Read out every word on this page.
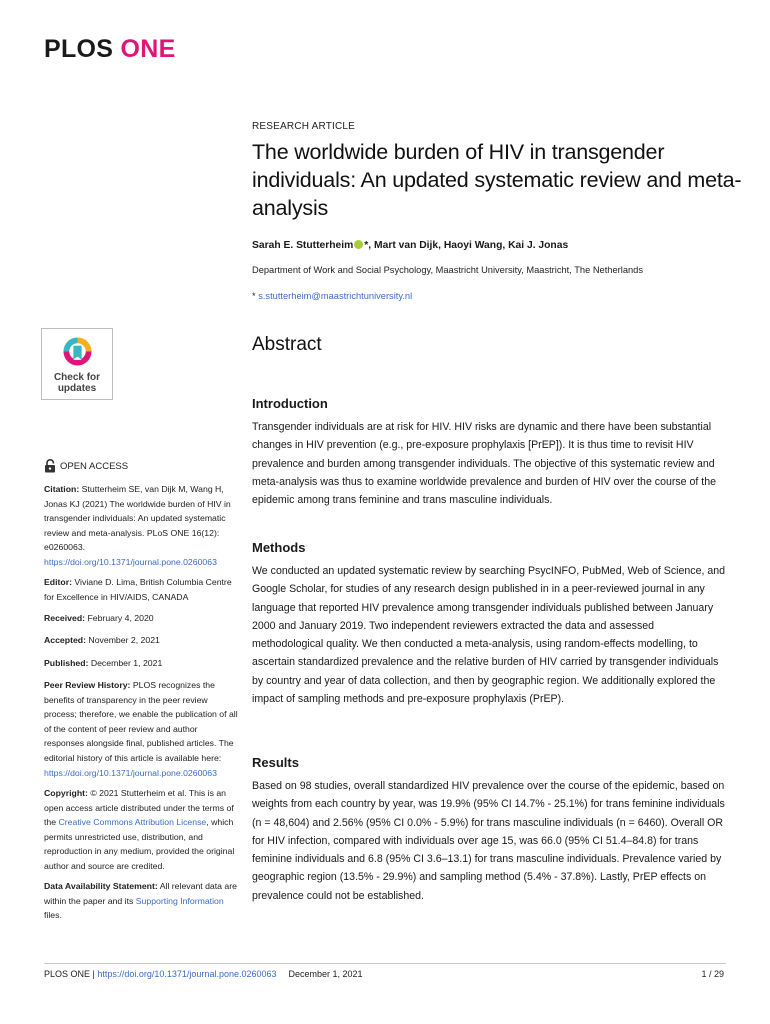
PLOS ONE
RESEARCH ARTICLE
The worldwide burden of HIV in transgender individuals: An updated systematic review and meta-analysis
Sarah E. Stutterheim *, Mart van Dijk, Haoyi Wang, Kai J. Jonas
Department of Work and Social Psychology, Maastricht University, Maastricht, The Netherlands
* s.stutterheim@maastrichtuniversity.nl
Check for
updates
Abstract
Introduction

Transgender individuals are at risk for HIV. HIV risks are dynamic and there have been substantial changes in HIV prevention (e.g., pre-exposure prophylaxis [PrEP]). It is thus time to revisit HIV prevalence and burden among transgender individuals. The objective of this systematic review and meta-analysis was thus to examine worldwide prevalence and burden of HIV over the course of the epidemic among trans feminine and trans masculine individuals.

Methods

We conducted an updated systematic review by searching PsycINFO, PubMed, Web of Science, and Google Scholar, for studies of any research design published in in a peer-reviewed journal in any language that reported HIV prevalence among transgender individuals published between January 2000 and January 2019. Two independent reviewers extracted the data and assessed methodological quality. We then conducted a meta-analysis, using random-effects modelling, to ascertain standardized prevalence and the relative burden of HIV carried by transgender individuals by country and year of data collection, and then by geographic region. We additionally explored the impact of sampling methods and pre-exposure prophylaxis (PrEP).

Results

Based on 98 studies, overall standardized HIV prevalence over the course of the epidemic, based on weights from each country by year, was 19.9% (95% CI 14.7% - 25.1%) for trans feminine individuals (n = 48,604) and 2.56% (95% CI 0.0% - 5.9%) for trans masculine individuals (n = 6460). Overall OR for HIV infection, compared with individuals over age 15, was 66.0 (95% CI 51.4–84.8) for trans feminine individuals and 6.8 (95% CI 3.6–13.1) for trans masculine individuals. Prevalence varied by geographic region (13.5% - 29.9%) and sampling method (5.4% - 37.8%). Lastly, PrEP effects on prevalence could not be established.

OPEN ACCESS
Citation: Stutterheim SE, van Dijk M, Wang H, Jonas KJ (2021) The worldwide burden of HIV in transgender individuals: An updated systematic review and meta-analysis. PLoS ONE 16(12): e0260063. https://doi.org/10.1371/journal.pone.0260063
Editor: Viviane D. Lima, British Columbia Centre for Excellence in HIV/AIDS, CANADA
Received: February 4, 2020
Accepted: November 2, 2021
Published: December 1, 2021
Peer Review History: PLOS recognizes the benefits of transparency in the peer review process; therefore, we enable the publication of all of the content of peer review and author responses alongside final, published articles. The editorial history of this article is available here: https://doi.org/10.1371/journal.pone.0260063
Copyright: © 2021 Stutterheim et al. This is an open access article distributed under the terms of the Creative Commons Attribution License, which permits unrestricted use, distribution, and reproduction in any medium, provided the original author and source are credited.
Data Availability Statement: All relevant data are within the paper and its Supporting Information files.
PLOS ONE | https://doi.org/10.1371/journal.pone.0260063 December 1, 2021	1 / 29
